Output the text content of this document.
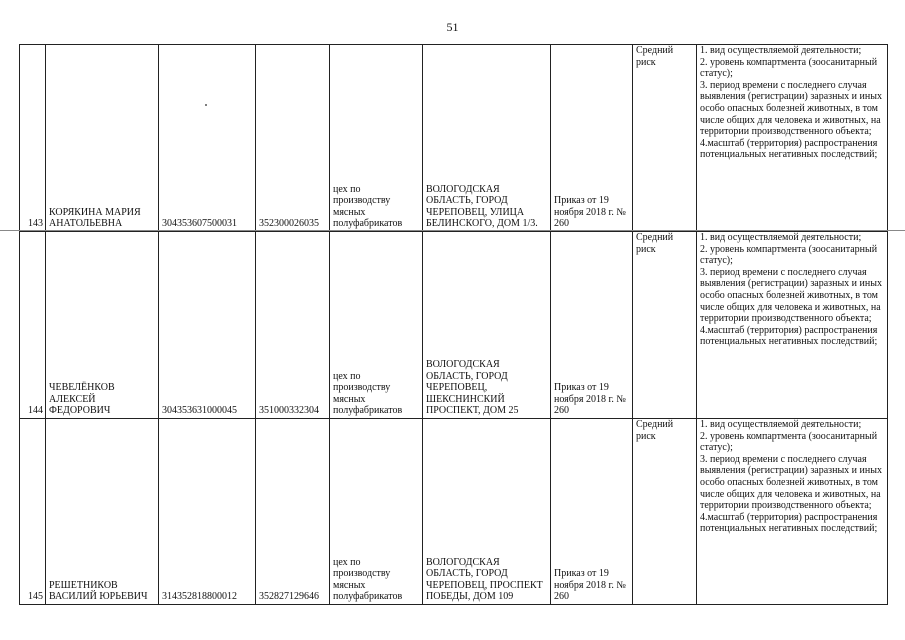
51
143	КОРЯКИНА МАРИЯ АНАТОЛЬЕВНА	304353607500031	352300026035	цех по производству мясных полуфабрикатов	ВОЛОГОДСКАЯ ОБЛАСТЬ, ГОРОД ЧЕРЕПОВЕЦ, УЛИЦА БЕЛИНСКОГО, ДОМ 1/3.	Приказ от 19 ноября 2018 г. № 260	Средний риск	1. вид осуществляемой деятельности;
2. уровень компартмента (зоосанитарный статус);
3. период времени с последнего случая выявления (регистрации) заразных и иных особо опасных болезней животных, в том числе общих для человека и животных, на территории производственного объекта;
4.масштаб (территория) распространения потенциальных негативных последствий;

144	ЧЕВЕЛЁНКОВ АЛЕКСЕЙ ФЕДОРОВИЧ	304353631000045	351000332304	цех по производству мясных полуфабрикатов	ВОЛОГОДСКАЯ ОБЛАСТЬ, ГОРОД ЧЕРЕПОВЕЦ, ШЕКСНИНСКИЙ ПРОСПЕКТ, ДОМ 25	Приказ от 19 ноября 2018 г. № 260	Средний риск	1. вид осуществляемой деятельности;
2. уровень компартмента (зоосанитарный статус);
3. период времени с последнего случая выявления (регистрации) заразных и иных особо опасных болезней животных, в том числе общих для человека и животных, на территории производственного объекта;
4.масштаб (территория) распространения потенциальных негативных последствий;

145	РЕШЕТНИКОВ ВАСИЛИЙ ЮРЬЕВИЧ	314352818800012	352827129646	цех по производству мясных полуфабрикатов	ВОЛОГОДСКАЯ ОБЛАСТЬ, ГОРОД ЧЕРЕПОВЕЦ, ПРОСПЕКТ ПОБЕДЫ, ДОМ 109	Приказ от 19 ноября 2018 г. № 260	Средний риск	1. вид осуществляемой деятельности;
2. уровень компартмента (зоосанитарный статус);
3. период времени с последнего случая выявления (регистрации) заразных и иных особо опасных болезней животных, в том числе общих для человека и животных, на территории производственного объекта;
4.масштаб (территория) распространения потенциальных негативных последствий;
